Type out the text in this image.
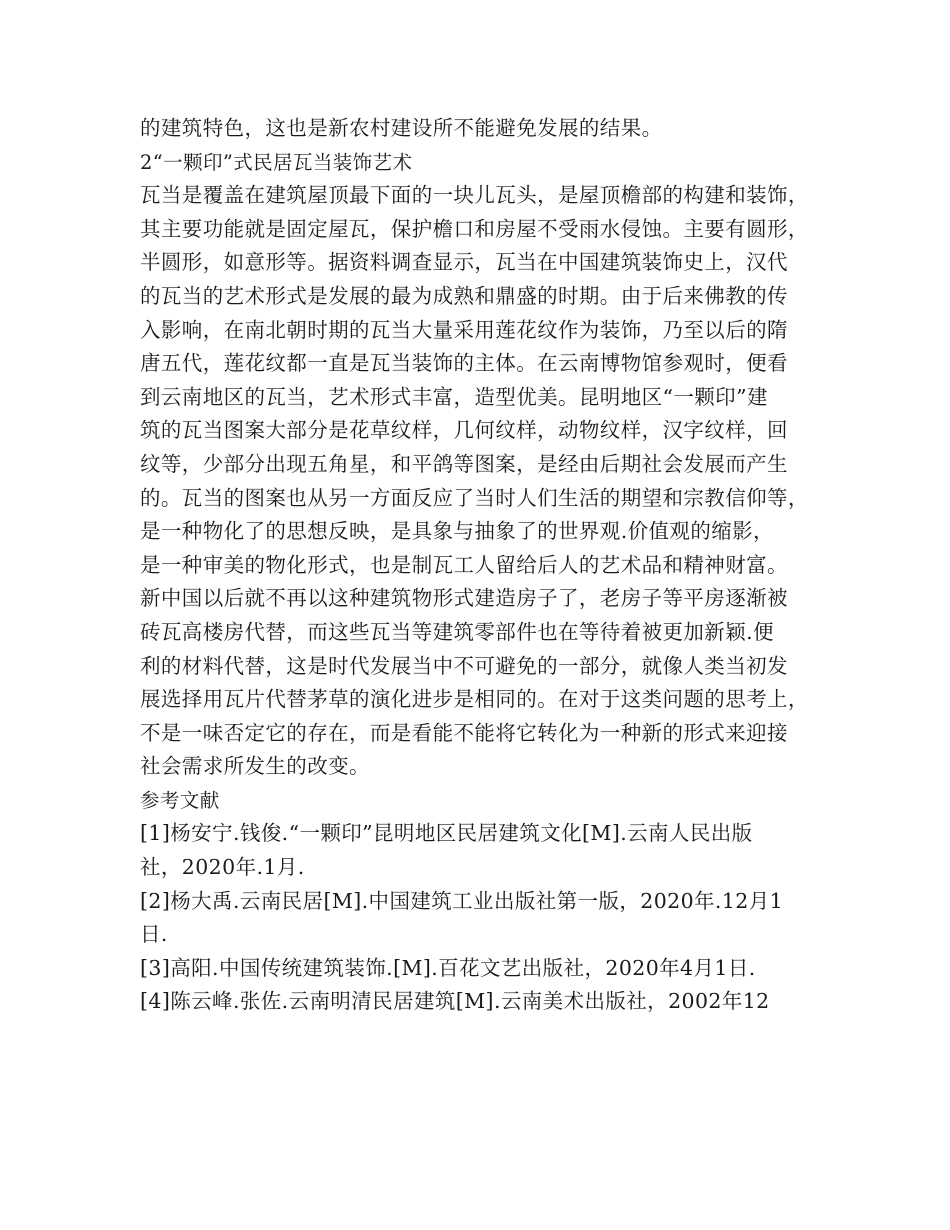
的建筑特色，这也是新农村建设所不能避免发展的结果。
2“一颗印”式民居瓦当装饰艺术
瓦当是覆盖在建筑屋顶最下面的一块儿瓦头，是屋顶檐部的构建和装饰，
其主要功能就是固定屋瓦，保护檐口和房屋不受雨水侵蚀。主要有圆形，
半圆形，如意形等。据资料调查显示，瓦当在中国建筑装饰史上，汉代
的瓦当的艺术形式是发展的最为成熟和鼎盛的时期。由于后来佛教的传
入影响，在南北朝时期的瓦当大量采用莲花纹作为装饰，乃至以后的隋
唐五代，莲花纹都一直是瓦当装饰的主体。在云南博物馆参观时，便看
到云南地区的瓦当，艺术形式丰富，造型优美。昆明地区“一颗印”建
筑的瓦当图案大部分是花草纹样，几何纹样，动物纹样，汉字纹样，回
纹等，少部分出现五角星，和平鸽等图案，是经由后期社会发展而产生
的。瓦当的图案也从另一方面反应了当时人们生活的期望和宗教信仰等，
是一种物化了的思想反映，是具象与抽象了的世界观.价值观的缩影，
是一种审美的物化形式，也是制瓦工人留给后人的艺术品和精神财富。
新中国以后就不再以这种建筑物形式建造房子了，老房子等平房逐渐被
砖瓦高楼房代替，而这些瓦当等建筑零部件也在等待着被更加新颖.便
利的材料代替，这是时代发展当中不可避免的一部分，就像人类当初发
展选择用瓦片代替茅草的演化进步是相同的。在对于这类问题的思考上，
不是一味否定它的存在，而是看能不能将它转化为一种新的形式来迎接
社会需求所发生的改变。
参考文献
[1]杨安宁.钱俊.“一颗印”昆明地区民居建筑文化[M].云南人民出版
社，2020年.1月.
[2]杨大禹.云南民居[M].中国建筑工业出版社第一版，2020年.12月1
日.
[3]高阳.中国传统建筑装饰.[M].百花文艺出版社，2020年4月1日.
[4]陈云峰.张佐.云南明清民居建筑[M].云南美术出版社，2002年12
